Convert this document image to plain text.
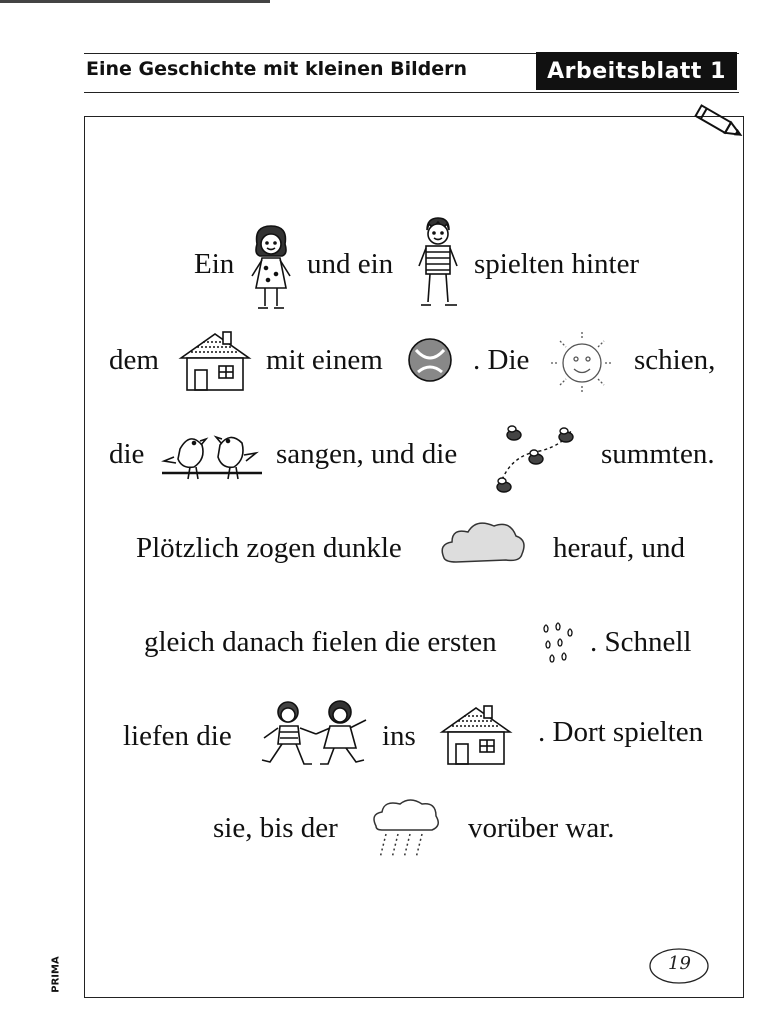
Eine Geschichte mit kleinen Bildern	Arbeitsblatt 1
Ein	und ein	spielten hinter
dem	mit einem	. Die	schien,
die	sangen, und die	summten.
Plötzlich zogen dunkle	herauf, und
gleich danach fielen die ersten	. Schnell
liefen die	ins	. Dort spielten
sie, bis der	vorüber war.
PRIMA	19
